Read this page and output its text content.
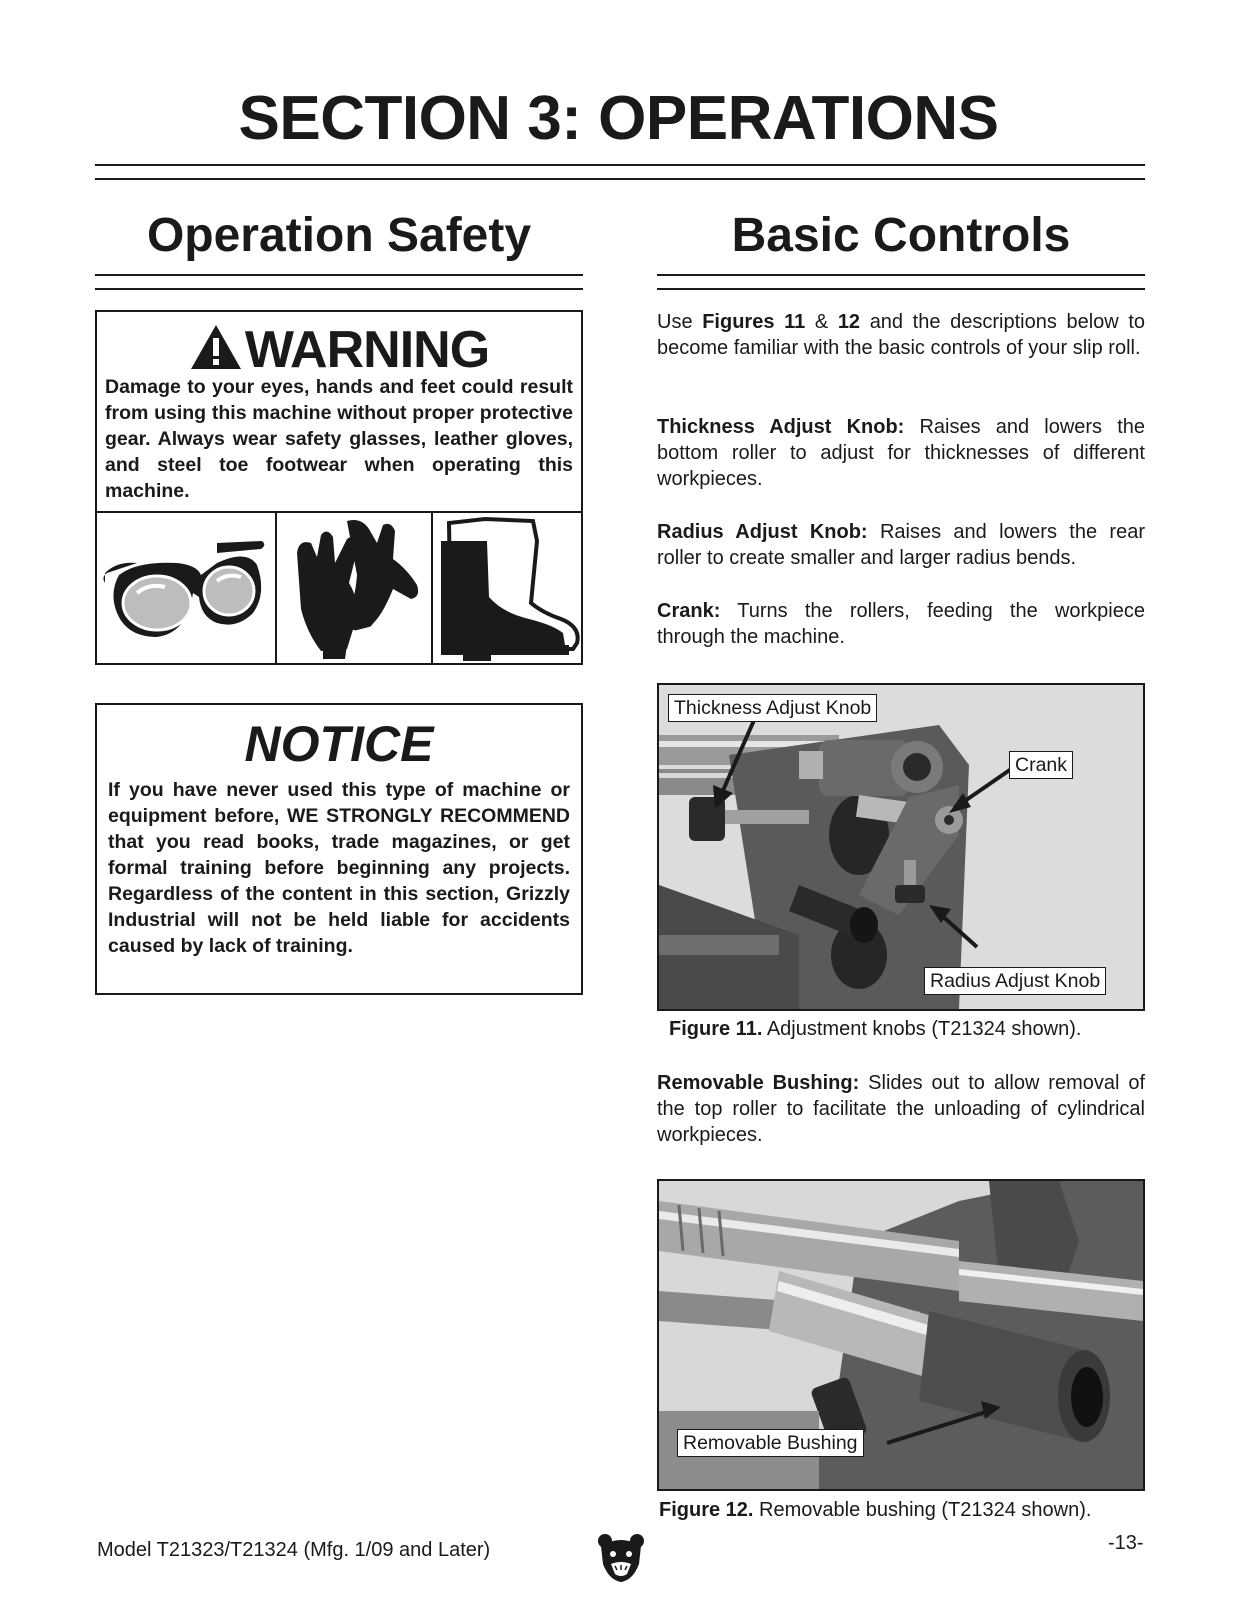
SECTION 3: OPERATIONS
Operation Safety
WARNING
Damage to your eyes, hands and feet could result from using this machine without proper protective gear. Always wear safety glasses, leather gloves, and steel toe footwear when operating this machine.
NOTICE
If you have never used this type of machine or equipment before, WE STRONGLY RECOMMEND that you read books, trade magazines, or get formal training before beginning any projects. Regardless of the content in this section, Grizzly Industrial will not be held liable for accidents caused by lack of training.
Basic Controls

Use Figures 11 & 12 and the descriptions below to become familiar with the basic controls of your slip roll.

Thickness Adjust Knob: Raises and lowers the bottom roller to adjust for thicknesses of different workpieces.

Radius Adjust Knob: Raises and lowers the rear roller to create smaller and larger radius bends.

Crank: Turns the rollers, feeding the workpiece through the machine.

Thickness Adjust Knob
Crank
Radius Adjust Knob
Figure 11. Adjustment knobs (T21324 shown).

Removable Bushing: Slides out to allow removal of the top roller to facilitate the unloading of cylindrical workpieces.

Removable Bushing
Figure 12. Removable bushing (T21324 shown).
Model T21323/T21324 (Mfg. 1/09 and Later)	-13-
